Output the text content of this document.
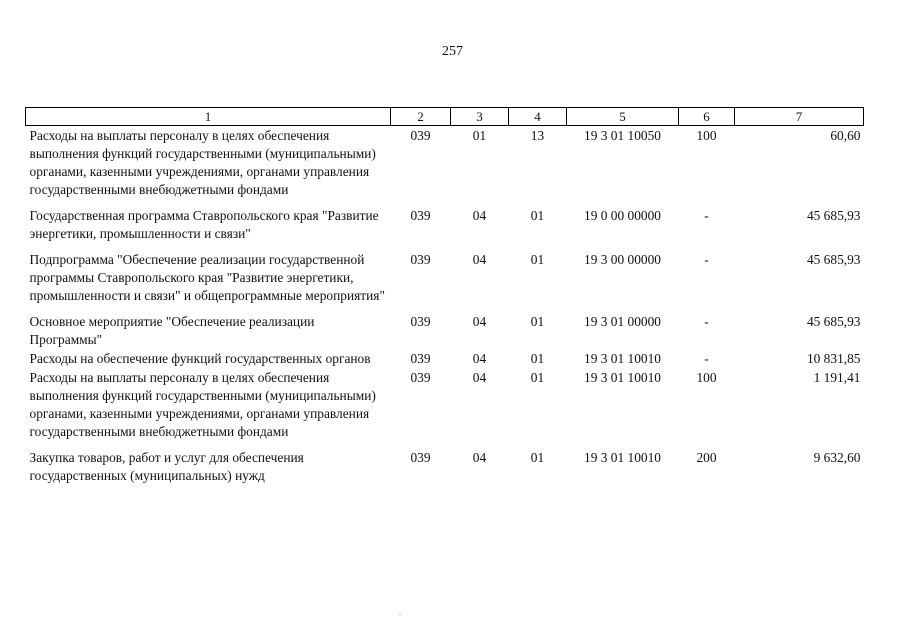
257
1	2	3	4	5	6	7
Расходы на выплаты персоналу в целях обеспечения выполнения функций государственными (муниципальными) органами, казенными учреждениями, органами управления государственными внебюджетными фондами	039	01	13	19 3 01 10050	100	60,60
Государственная программа Ставропольского края "Развитие энергетики, промышленности и связи"	039	04	01	19 0 00 00000	-	45 685,93
Подпрограмма "Обеспечение реализации государственной программы Ставропольского края "Развитие энергетики, промышленности и связи" и общепрограммные мероприятия"	039	04	01	19 3 00 00000	-	45 685,93
Основное мероприятие "Обеспечение реализации Программы"	039	04	01	19 3 01 00000	-	45 685,93
Расходы на обеспечение функций государственных органов	039	04	01	19 3 01 10010	-	10 831,85
Расходы на выплаты персоналу в целях обеспечения выполнения функций государственными (муниципальными) органами, казенными учреждениями, органами управления государственными внебюджетными фондами	039	04	01	19 3 01 10010	100	1 191,41
Закупка товаров, работ и услуг для обеспечения государственных (муниципальных) нужд	039	04	01	19 3 01 10010	200	9 632,60
